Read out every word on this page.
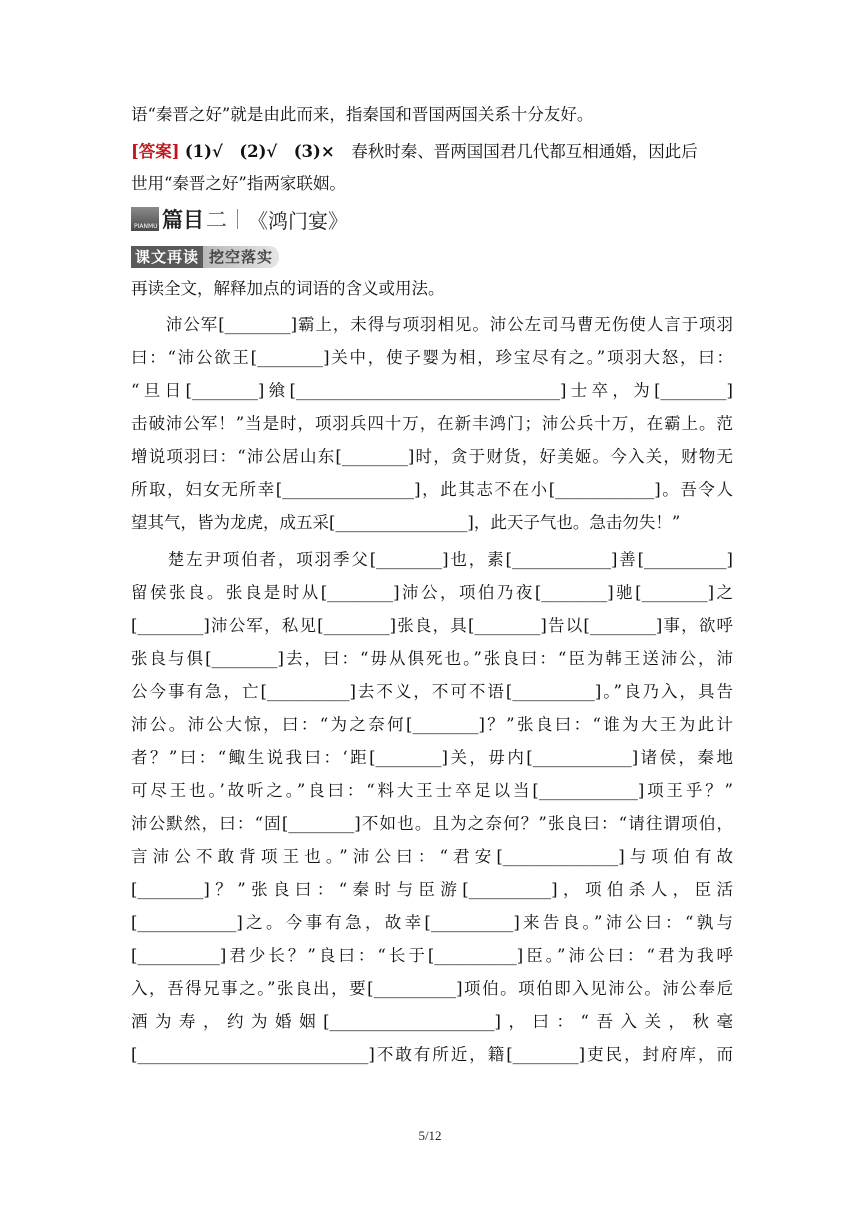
语“秦晋之好”就是由此而来，指秦国和晋国两国关系十分友好。
[答案] (1)√　(2)√　(3)×　春秋时秦、晋两国国君几代都互相通婚，因此后
世用“秦晋之好”指两家联姻。
PIANMU 篇目 二 《鸿门宴》
课文再读 挖空落实
再读全文，解释加点的词语的含义或用法。
　　沛公军[________]霸上，未得与项羽相见。沛公左司马曹无伤使人言于项羽
曰：“沛公欲王[________]关中，使子婴为相，珍宝尽有之。”项羽大怒，曰：
“旦日[________]飨[________________________________]士卒，为[________]
击破沛公军！”当是时，项羽兵四十万，在新丰鸿门；沛公兵十万，在霸上。范
增说项羽曰：“沛公居山东[________]时，贪于财货，好美姬。今入关，财物无
所取，妇女无所幸[________________]，此其志不在小[____________]。吾令人
望其气，皆为龙虎，成五采[________________]，此天子气也。急击勿失！”
　　楚左尹项伯者，项羽季父[________]也，素[____________]善[__________]
留侯张良。张良是时从[________]沛公，项伯乃夜[________]驰[________]之
[________]沛公军，私见[________]张良，具[________]告以[________]事，欲呼
张良与俱[________]去，曰：“毋从俱死也。”张良曰：“臣为韩王送沛公，沛
公今事有急，亡[__________]去不义，不可不语[__________]。”良乃入，具告
沛公。沛公大惊，曰：“为之奈何[________]？”张良曰：“谁为大王为此计
者？”曰：“鲰生说我曰：‘距[________]关，毋内[____________]诸侯，秦地
可尽王也。’故听之。”良曰：“料大王士卒足以当[____________]项王乎？”
沛公默然，曰：“固[________]不如也。且为之奈何？”张良曰：“请往谓项伯，
言沛公不敢背项王也。”沛公曰：“君安[______________]与项伯有故
[________]？”张良曰：“秦时与臣游[__________]，项伯杀人，臣活
[____________]之。今事有急，故幸[__________]来告良。”沛公曰：“孰与
[__________]君少长？”良曰：“长于[__________]臣。”沛公曰：“君为我呼
入，吾得兄事之。”张良出，要[__________]项伯。项伯即入见沛公。沛公奉卮
酒为寿，约为婚姻[____________________]，曰：“吾入关，秋毫
[____________________________]不敢有所近，籍[________]吏民，封府库，而
5/12
